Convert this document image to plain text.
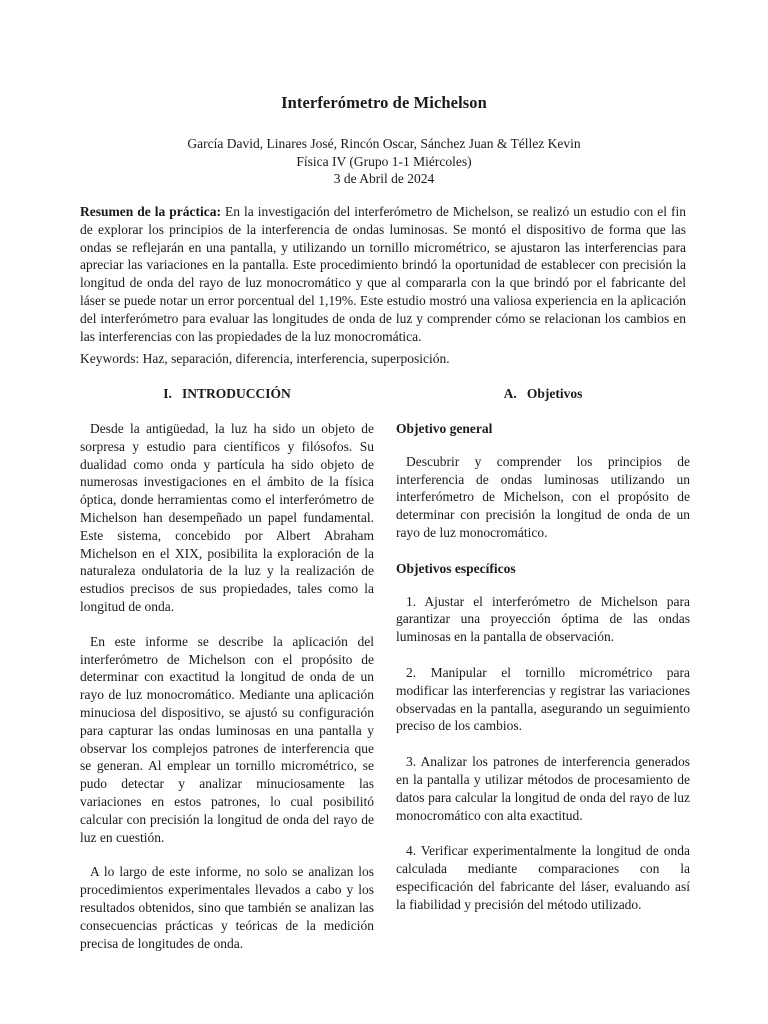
Interferómetro de Michelson
García David, Linares José, Rincón Oscar, Sánchez Juan & Téllez Kevin
Física IV (Grupo 1-1 Miércoles)
3 de Abril de 2024
Resumen de la práctica: En la investigación del interferómetro de Michelson, se realizó un estudio con el fin de explorar los principios de la interferencia de ondas luminosas. Se montó el dispositivo de forma que las ondas se reflejarán en una pantalla, y utilizando un tornillo micrométrico, se ajustaron las interferencias para apreciar las variaciones en la pantalla. Este procedimiento brindó la oportunidad de establecer con precisión la longitud de onda del rayo de luz monocromático y que al compararla con la que brindó por el fabricante del láser se puede notar un error porcentual del 1,19%. Este estudio mostró una valiosa experiencia en la aplicación del interferómetro para evaluar las longitudes de onda de luz y comprender cómo se relacionan los cambios en las interferencias con las propiedades de la luz monocromática.
Keywords: Haz, separación, diferencia, interferencia, superposición.
I.   INTRODUCCIÓN

Desde la antigüedad, la luz ha sido un objeto de sorpresa y estudio para científicos y filósofos. Su dualidad como onda y partícula ha sido objeto de numerosas investigaciones en el ámbito de la física óptica, donde herramientas como el interferómetro de Michelson han desempeñado un papel fundamental. Este sistema, concebido por Albert Abraham Michelson en el XIX, posibilita la exploración de la naturaleza ondulatoria de la luz y la realización de estudios precisos de sus propiedades, tales como la longitud de onda.

En este informe se describe la aplicación del interferómetro de Michelson con el propósito de determinar con exactitud la longitud de onda de un rayo de luz monocromático. Mediante una aplicación minuciosa del dispositivo, se ajustó su configuración para capturar las ondas luminosas en una pantalla y observar los complejos patrones de interferencia que se generan. Al emplear un tornillo micrométrico, se pudo detectar y analizar minuciosamente las variaciones en estos patrones, lo cual posibilitó calcular con precisión la longitud de onda del rayo de luz en cuestión.

A lo largo de este informe, no solo se analizan los procedimientos experimentales llevados a cabo y los resultados obtenidos, sino que también se analizan las consecuencias prácticas y teóricas de la medición precisa de longitudes de onda.

A.   Objetivos
Objetivo general

Descubrir y comprender los principios de interferencia de ondas luminosas utilizando un interferómetro de Michelson, con el propósito de determinar con precisión la longitud de onda de un rayo de luz monocromático.

Objetivos específicos

1. Ajustar el interferómetro de Michelson para garantizar una proyección óptima de las ondas luminosas en la pantalla de observación.

2. Manipular el tornillo micrométrico para modificar las interferencias y registrar las variaciones observadas en la pantalla, asegurando un seguimiento preciso de los cambios.

3. Analizar los patrones de interferencia generados en la pantalla y utilizar métodos de procesamiento de datos para calcular la longitud de onda del rayo de luz monocromático con alta exactitud.

4. Verificar experimentalmente la longitud de onda calculada mediante comparaciones con la especificación del fabricante del láser, evaluando así la fiabilidad y precisión del método utilizado.
